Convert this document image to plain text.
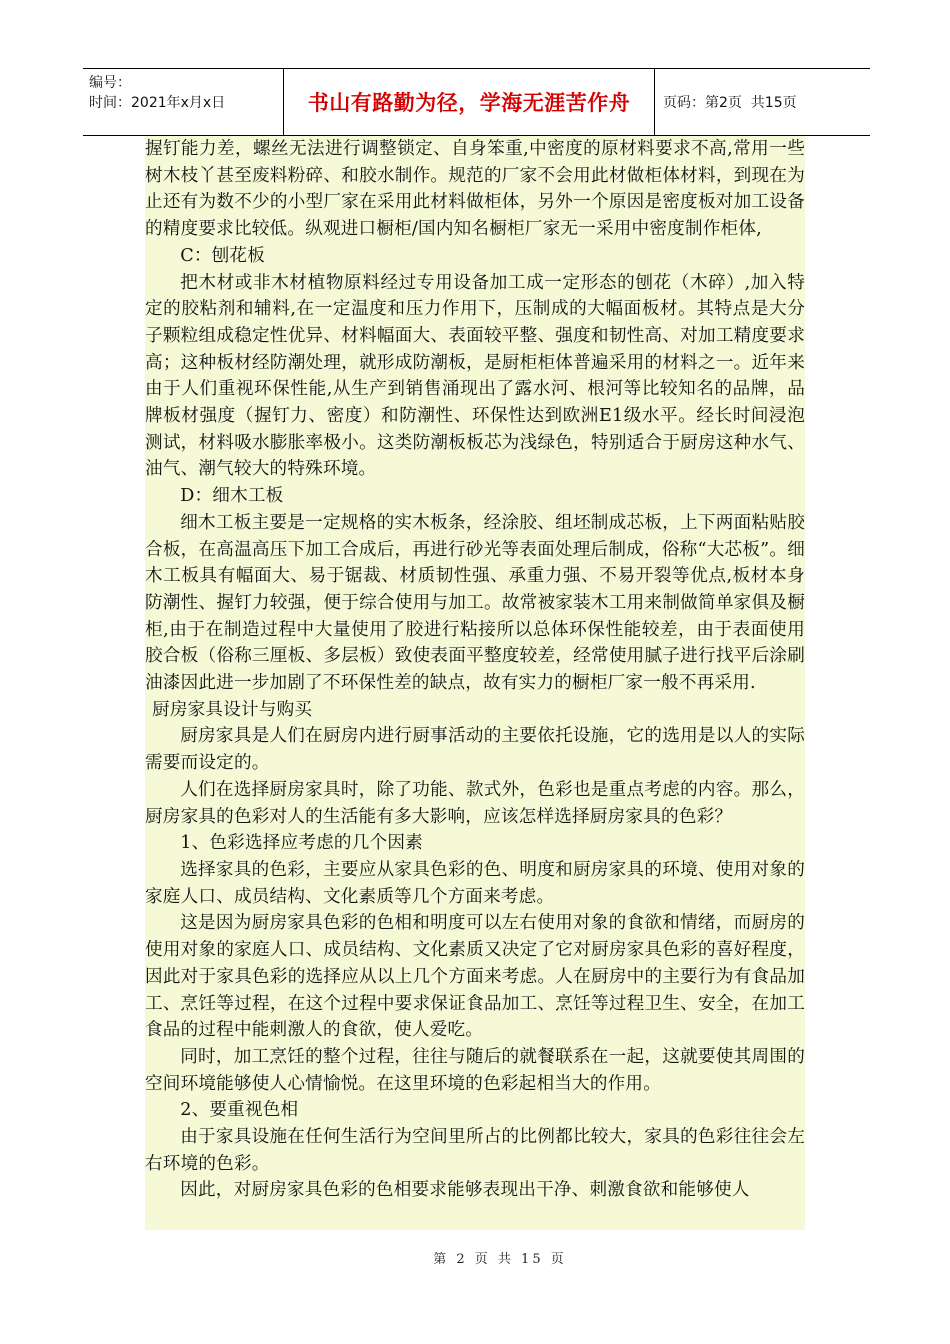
编号：
时间：2021年x月x日	书山有路勤为径，学海无涯苦作舟	页码：第2页  共15页

握钉能力差，螺丝无法进行调整锁定、自身笨重,中密度的原材料要求不高,常用一些树木枝丫甚至废料粉碎、和胶水制作。规范的厂家不会用此材做柜体材料，到现在为止还有为数不少的小型厂家在采用此材料做柜体，另外一个原因是密度板对加工设备的精度要求比较低。纵观进口橱柜/国内知名橱柜厂家无一采用中密度制作柜体,

C：刨花板

把木材或非木材植物原料经过专用设备加工成一定形态的刨花（木碎）,加入特定的胶粘剂和辅料,在一定温度和压力作用下，压制成的大幅面板材。其特点是大分子颗粒组成稳定性优异、材料幅面大、表面较平整、强度和韧性高、对加工精度要求高；这种板材经防潮处理，就形成防潮板，是厨柜柜体普遍采用的材料之一。近年来由于人们重视环保性能,从生产到销售涌现出了露水河、根河等比较知名的品牌，品牌板材强度（握钉力、密度）和防潮性、环保性达到欧洲E1级水平。经长时间浸泡测试，材料吸水膨胀率极小。这类防潮板板芯为浅绿色，特别适合于厨房这种水气、油气、潮气较大的特殊环境。

D：细木工板

细木工板主要是一定规格的实木板条，经涂胶、组坯制成芯板，上下两面粘贴胶合板，在高温高压下加工合成后，再进行砂光等表面处理后制成，俗称“大芯板”。细木工板具有幅面大、易于锯裁、材质韧性强、承重力强、不易开裂等优点,板材本身防潮性、握钉力较强，便于综合使用与加工。故常被家装木工用来制做简单家俱及橱柜,由于在制造过程中大量使用了胶进行粘接所以总体环保性能较差，由于表面使用胶合板（俗称三厘板、多层板）致使表面平整度较差，经常使用腻子进行找平后涂刷油漆因此进一步加剧了不环保性差的缺点，故有实力的橱柜厂家一般不再采用.

厨房家具设计与购买

厨房家具是人们在厨房内进行厨事活动的主要依托设施，它的选用是以人的实际需要而设定的。

人们在选择厨房家具时，除了功能、款式外，色彩也是重点考虑的内容。那么，厨房家具的色彩对人的生活能有多大影响，应该怎样选择厨房家具的色彩？

1、色彩选择应考虑的几个因素

选择家具的色彩，主要应从家具色彩的色、明度和厨房家具的环境、使用对象的家庭人口、成员结构、文化素质等几个方面来考虑。

这是因为厨房家具色彩的色相和明度可以左右使用对象的食欲和情绪，而厨房的使用对象的家庭人口、成员结构、文化素质又决定了它对厨房家具色彩的喜好程度，因此对于家具色彩的选择应从以上几个方面来考虑。人在厨房中的主要行为有食品加工、烹饪等过程，在这个过程中要求保证食品加工、烹饪等过程卫生、安全，在加工食品的过程中能刺激人的食欲，使人爱吃。

同时，加工烹饪的整个过程，往往与随后的就餐联系在一起，这就要使其周围的空间环境能够使人心情愉悦。在这里环境的色彩起相当大的作用。

2、要重视色相

由于家具设施在任何生活行为空间里所占的比例都比较大，家具的色彩往往会左右环境的色彩。

因此，对厨房家具色彩的色相要求能够表现出干净、刺激食欲和能够使人

第 2 页 共 15 页
